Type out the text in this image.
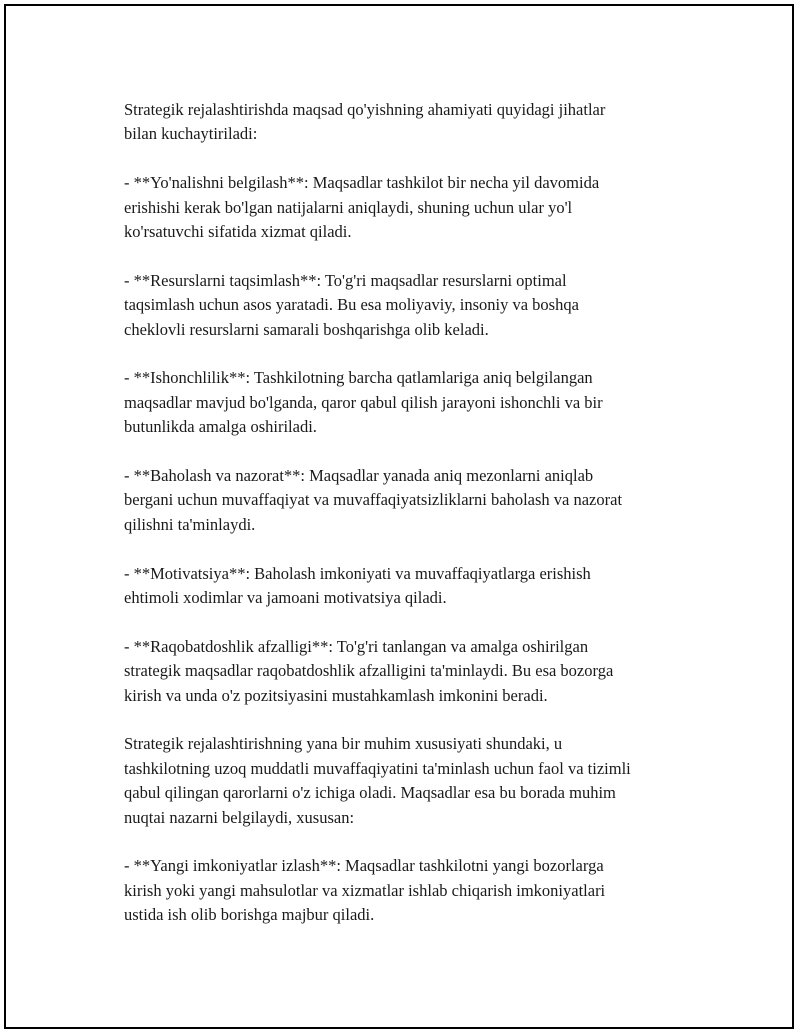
Strategik rejalashtirishda maqsad qo'yishning ahamiyati quyidagi jihatlar
bilan kuchaytiriladi:

- **Yo'nalishni belgilash**: Maqsadlar tashkilot bir necha yil davomida
erishishi kerak bo'lgan natijalarni aniqlaydi, shuning uchun ular yo'l
ko'rsatuvchi sifatida xizmat qiladi.

- **Resurslarni taqsimlash**: To'g'ri maqsadlar resurslarni optimal
taqsimlash uchun asos yaratadi. Bu esa moliyaviy, insoniy va boshqa
cheklovli resurslarni samarali boshqarishga olib keladi.

- **Ishonchlilik**: Tashkilotning barcha qatlamlariga aniq belgilangan
maqsadlar mavjud bo'lganda, qaror qabul qilish jarayoni ishonchli va bir
butunlikda amalga oshiriladi.

- **Baholash va nazorat**: Maqsadlar yanada aniq mezonlarni aniqlab
bergani uchun muvaffaqiyat va muvaffaqiyatsizliklarni baholash va nazorat
qilishni ta'minlaydi.

- **Motivatsiya**: Baholash imkoniyati va muvaffaqiyatlarga erishish
ehtimoli xodimlar va jamoani motivatsiya qiladi.

- **Raqobatdoshlik afzalligi**: To'g'ri tanlangan va amalga oshirilgan
strategik maqsadlar raqobatdoshlik afzalligini ta'minlaydi. Bu esa bozorga
kirish va unda o'z pozitsiyasini mustahkamlash imkonini beradi.

Strategik rejalashtirishning yana bir muhim xususiyati shundaki, u
tashkilotning uzoq muddatli muvaffaqiyatini ta'minlash uchun faol va tizimli
qabul qilingan qarorlarni o'z ichiga oladi. Maqsadlar esa bu borada muhim
nuqtai nazarni belgilaydi, xususan:

- **Yangi imkoniyatlar izlash**: Maqsadlar tashkilotni yangi bozorlarga
kirish yoki yangi mahsulotlar va xizmatlar ishlab chiqarish imkoniyatlari
ustida ish olib borishga majbur qiladi.
